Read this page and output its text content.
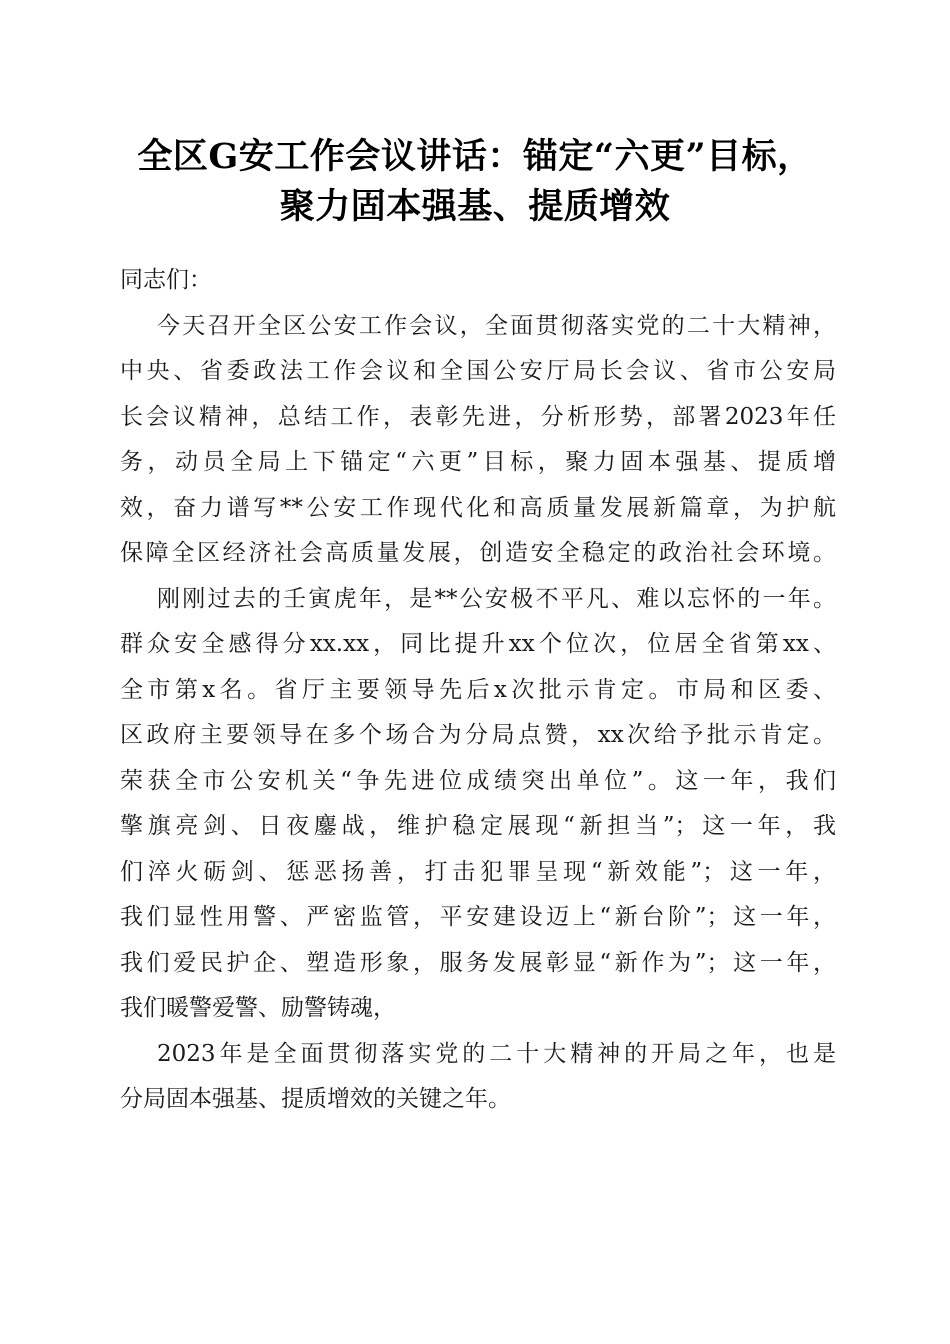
全区G安工作会议讲话：锚定“六更”目标，
聚力固本强基、提质增效
同志们：
今天召开全区公安工作会议，全面贯彻落实党的二十大精神，
中央、省委政法工作会议和全国公安厅局长会议、省市公安局
长会议精神，总结工作，表彰先进，分析形势，部署2023年任
务，动员全局上下锚定“六更”目标，聚力固本强基、提质增
效，奋力谱写**公安工作现代化和高质量发展新篇章，为护航
保障全区经济社会高质量发展，创造安全稳定的政治社会环境。
刚刚过去的壬寅虎年，是**公安极不平凡、难以忘怀的一年。
群众安全感得分xx.xx，同比提升xx个位次，位居全省第xx、
全市第x名。省厅主要领导先后x次批示肯定。市局和区委、
区政府主要领导在多个场合为分局点赞，xx次给予批示肯定。
荣获全市公安机关“争先进位成绩突出单位”。这一年，我们
擎旗亮剑、日夜鏖战，维护稳定展现“新担当”；这一年，我
们淬火砺剑、惩恶扬善，打击犯罪呈现“新效能”；这一年，
我们显性用警、严密监管，平安建设迈上“新台阶”；这一年，
我们爱民护企、塑造形象，服务发展彰显“新作为”；这一年，
我们暖警爱警、励警铸魂，
2023年是全面贯彻落实党的二十大精神的开局之年，也是
分局固本强基、提质增效的关键之年。
